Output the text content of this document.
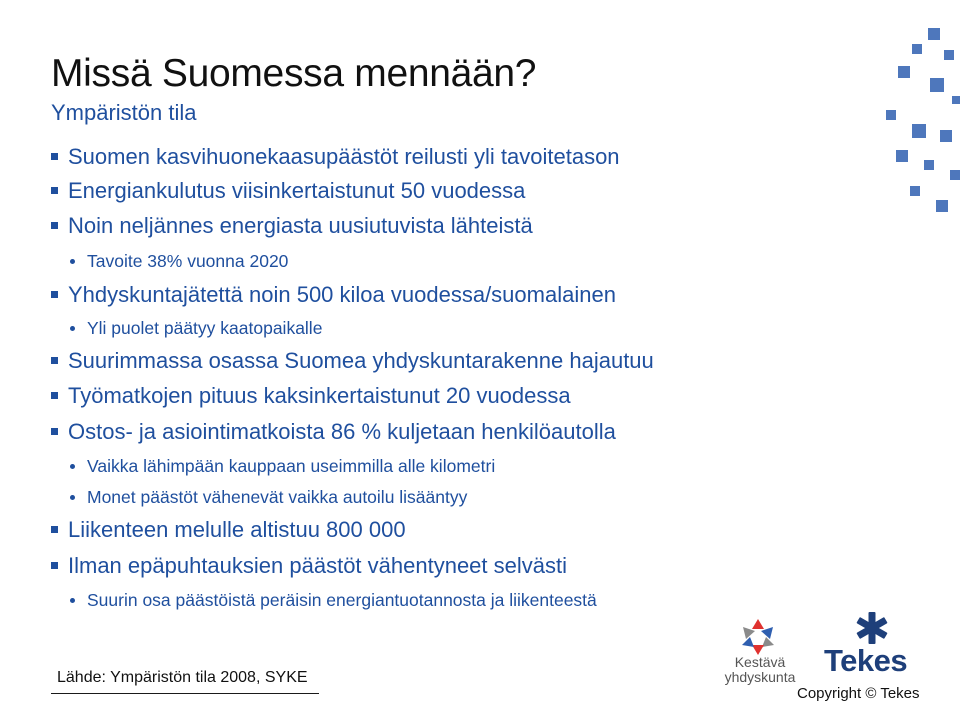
Missä Suomessa mennään?
Ympäristön tila
Suomen kasvihuonekaasupäästöt reilusti yli tavoitetason
Energiankulutus viisinkertaistunut 50 vuodessa
Noin neljännes energiasta uusiutuvista lähteistä
Tavoite 38% vuonna 2020
Yhdyskuntajätettä noin 500 kiloa vuodessa/suomalainen
Yli puolet päätyy kaatopaikalle
Suurimmassa osassa Suomea yhdyskuntarakenne hajautuu
Työmatkojen pituus kaksinkertaistunut 20 vuodessa
Ostos- ja asiointimatkoista 86 % kuljetaan henkilöautolla
Vaikka lähimpään kauppaan useimmilla alle kilometri
Monet päästöt vähenevät vaikka autoilu lisääntyy
Liikenteen melulle altistuu 800 000
Ilman epäpuhtauksien päästöt vähentyneet selvästi
Suurin osa päästöistä peräisin energiantuotannosta ja liikenteestä
Lähde: Ympäristön tila 2008, SYKE
Kestävä
yhdyskunta Tekes
Copyright © Tekes
